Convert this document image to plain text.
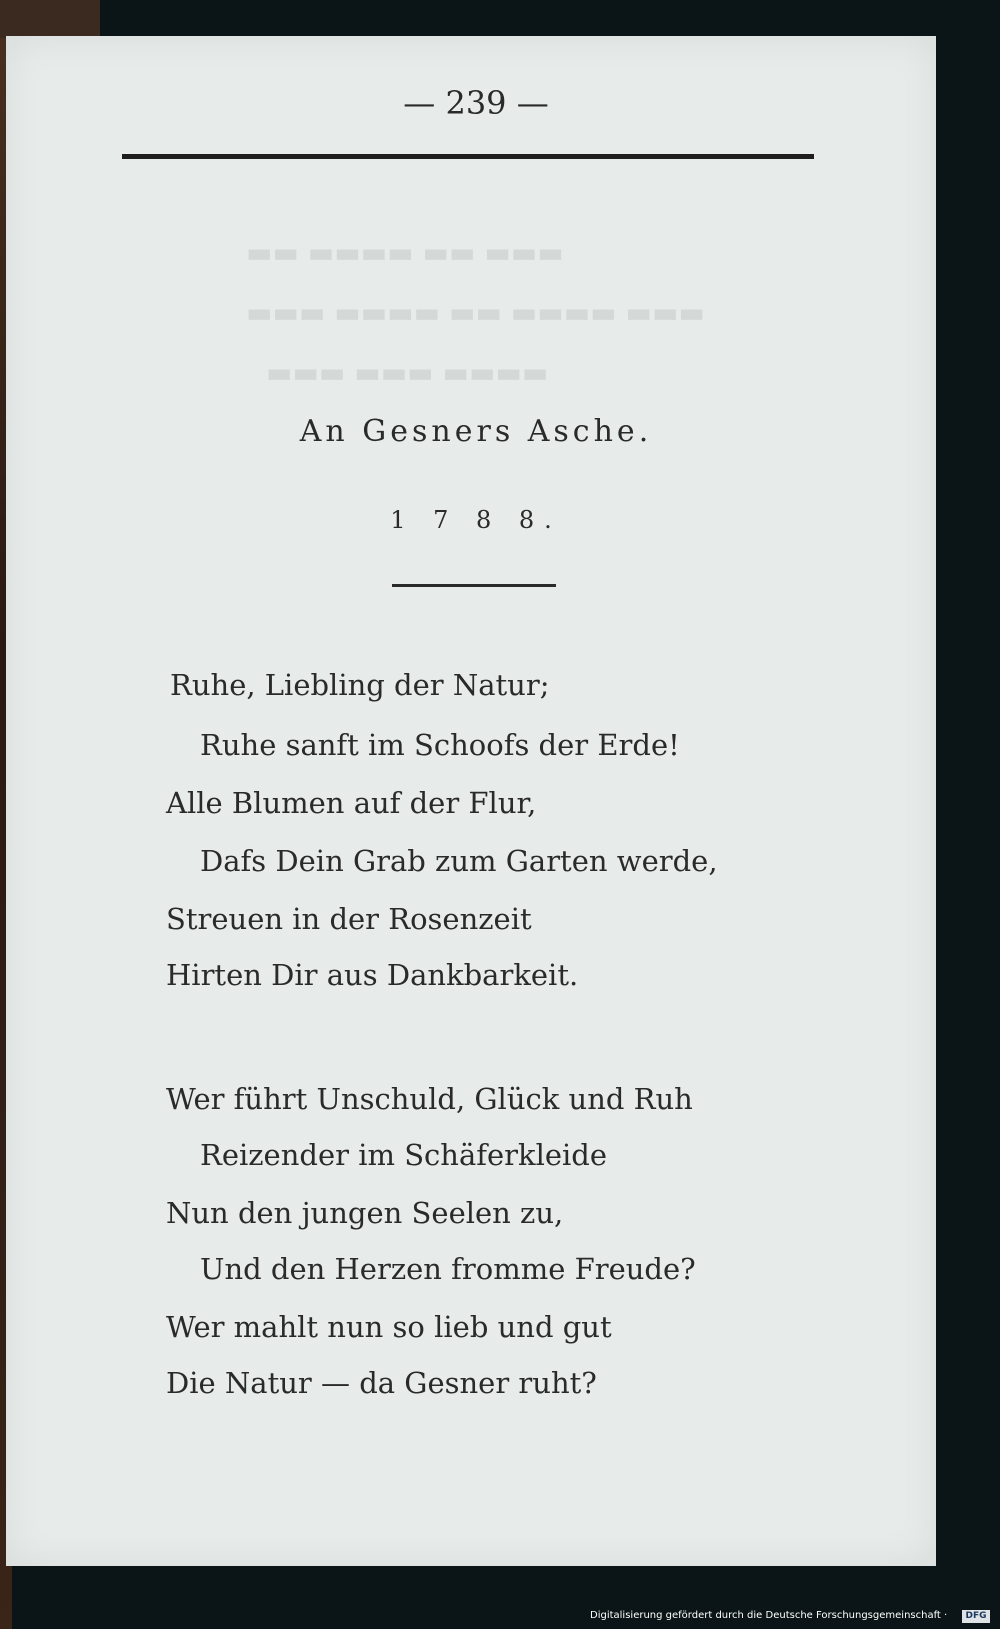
▬▬ ▬▬▬▬ ▬▬ ▬▬▬
▬▬▬ ▬▬▬▬ ▬▬ ▬▬▬▬ ▬▬▬
▬▬▬ ▬▬▬ ▬▬▬▬
— 239 —
An Gesners Asche.
1 7 8 8.
Ruhe, Liebling der Natur;
Ruhe sanft im Schoofs der Erde!
Alle Blumen auf der Flur,
Dafs Dein Grab zum Garten werde,
Streuen in der Rosenzeit
Hirten Dir aus Dankbarkeit.
Wer führt Unschuld, Glück und Ruh
Reizender im Schäferkleide
Nun den jungen Seelen zu,
Und den Herzen fromme Freude?
Wer mahlt nun so lieb und gut
Die Natur — da Gesner ruht?
Digitalisierung gefördert durch die Deutsche Forschungsgemeinschaft ·	DFG
